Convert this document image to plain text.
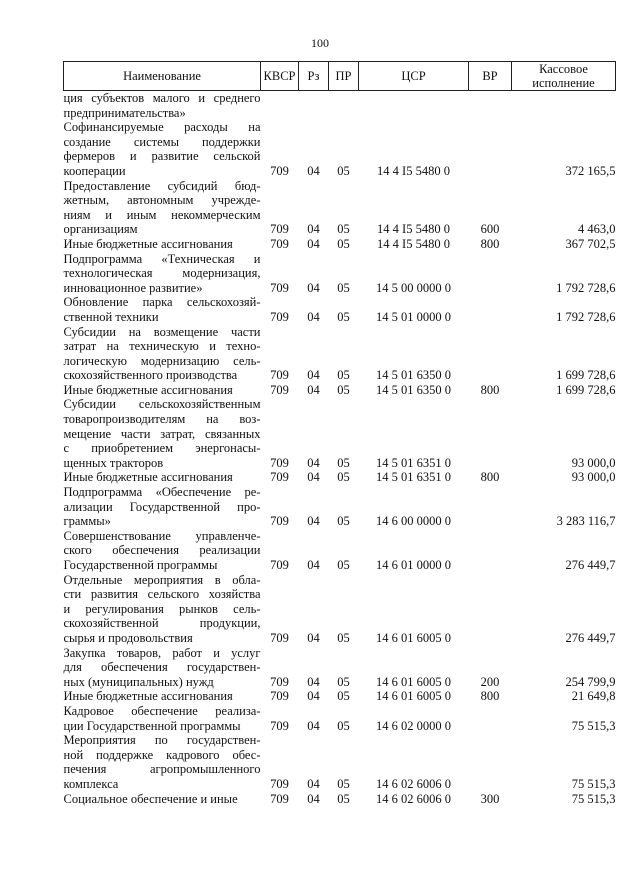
100
Наименование	КВСР	Рз	ПР	ЦСР	ВР	Кассовое исполнение
ция субъектов малого и среднего						
предпринимательства»						
Софинансируемые расходы на						
создание системы поддержки						
фермеров и развитие сельской						
кооперации	709	04	05	14 4 I5 5480 0		372 165,5
Предоставление субсидий бюд-						
жетным, автономным учрежде-						
ниям и иным некоммерческим						
организациям	709	04	05	14 4 I5 5480 0	600	4 463,0
Иные бюджетные ассигнования	709	04	05	14 4 I5 5480 0	800	367 702,5
Подпрограмма «Техническая и						
технологическая модернизация,						
инновационное развитие»	709	04	05	14 5 00 0000 0		1 792 728,6
Обновление парка сельскохозяй-						
ственной техники	709	04	05	14 5 01 0000 0		1 792 728,6
Субсидии на возмещение части						
затрат на техническую и техно-						
логическую модернизацию сель-						
скохозяйственного производства	709	04	05	14 5 01 6350 0		1 699 728,6
Иные бюджетные ассигнования	709	04	05	14 5 01 6350 0	800	1 699 728,6
Субсидии сельскохозяйственным						
товаропроизводителям на воз-						
мещение части затрат, связанных						
с приобретением энергонасы-						
щенных тракторов	709	04	05	14 5 01 6351 0		93 000,0
Иные бюджетные ассигнования	709	04	05	14 5 01 6351 0	800	93 000,0
Подпрограмма «Обеспечение ре-						
ализации Государственной про-						
граммы»	709	04	05	14 6 00 0000 0		3 283 116,7
Совершенствование управленче-						
ского обеспечения реализации						
Государственной программы	709	04	05	14 6 01 0000 0		276 449,7
Отдельные мероприятия в обла-						
сти развития сельского хозяйства						
и регулирования рынков сель-						
скохозяйственной продукции,						
сырья и продовольствия	709	04	05	14 6 01 6005 0		276 449,7
Закупка товаров, работ и услуг						
для обеспечения государствен-						
ных (муниципальных) нужд	709	04	05	14 6 01 6005 0	200	254 799,9
Иные бюджетные ассигнования	709	04	05	14 6 01 6005 0	800	21 649,8
Кадровое обеспечение реализа-						
ции Государственной программы	709	04	05	14 6 02 0000 0		75 515,3
Мероприятия по государствен-						
ной поддержке кадрового обес-						
печения агропромышленного						
комплекса	709	04	05	14 6 02 6006 0		75 515,3
Социальное обеспечение и иные	709	04	05	14 6 02 6006 0	300	75 515,3
